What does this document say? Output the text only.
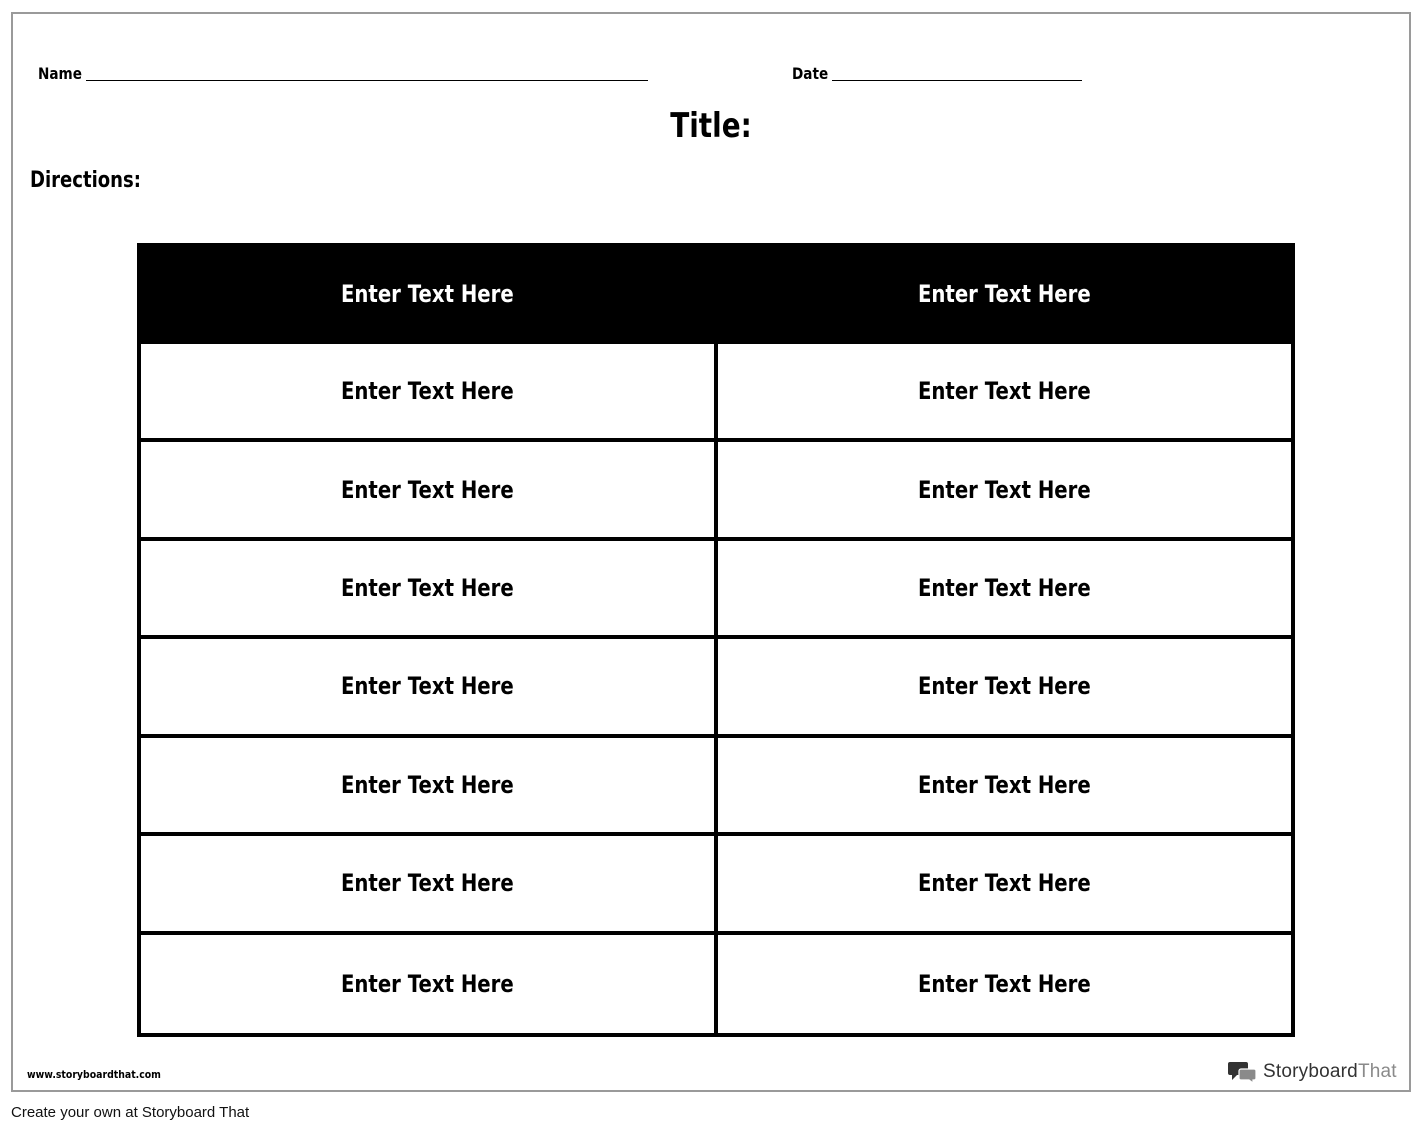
Name	Date
Title:
Directions:
Enter Text Here	Enter Text Here
Enter Text Here	Enter Text Here
Enter Text Here	Enter Text Here
Enter Text Here	Enter Text Here
Enter Text Here	Enter Text Here
Enter Text Here	Enter Text Here
Enter Text Here	Enter Text Here
Enter Text Here	Enter Text Here
www.storyboardthat.com	StoryboardThat
Create your own at Storyboard That
